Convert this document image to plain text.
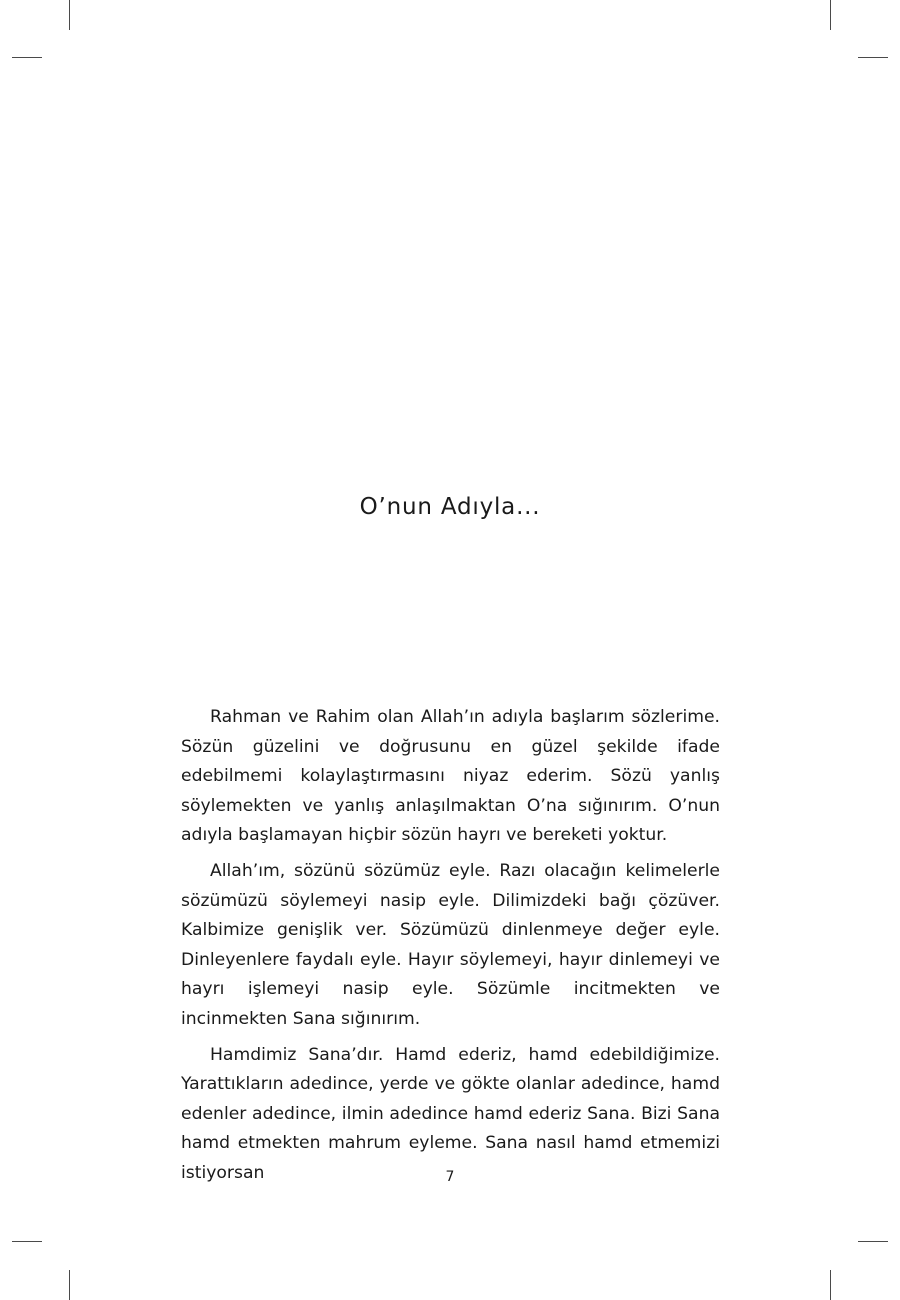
O’nun Adıyla...

Rahman ve Rahim olan Allah’ın adıyla başlarım sözlerime. Sözün güzelini ve doğrusunu en güzel şekilde ifade edebilmemi kolaylaştırmasını niyaz ederim. Sözü yanlış söylemekten ve yanlış anlaşılmaktan O’na sığınırım. O’nun adıyla başlamayan hiçbir sözün hayrı ve bereketi yoktur.

Allah’ım, sözünü sözümüz eyle. Razı olacağın kelimelerle sözümüzü söylemeyi nasip eyle. Dilimizdeki bağı çözüver. Kalbimize genişlik ver. Sözümüzü dinlenmeye değer eyle. Dinleyenlere faydalı eyle. Hayır söylemeyi, hayır dinlemeyi ve hayrı işlemeyi nasip eyle. Sözümle incitmekten ve incinmekten Sana sığınırım.

Hamdimiz Sana’dır. Hamd ederiz, hamd edebildiğimize. Yarattıkların adedince, yerde ve gökte olanlar adedince, hamd edenler adedince, ilmin adedince hamd ederiz Sana. Bizi Sana hamd etmekten mahrum eyleme. Sana nasıl hamd etmemizi istiyorsan	7
